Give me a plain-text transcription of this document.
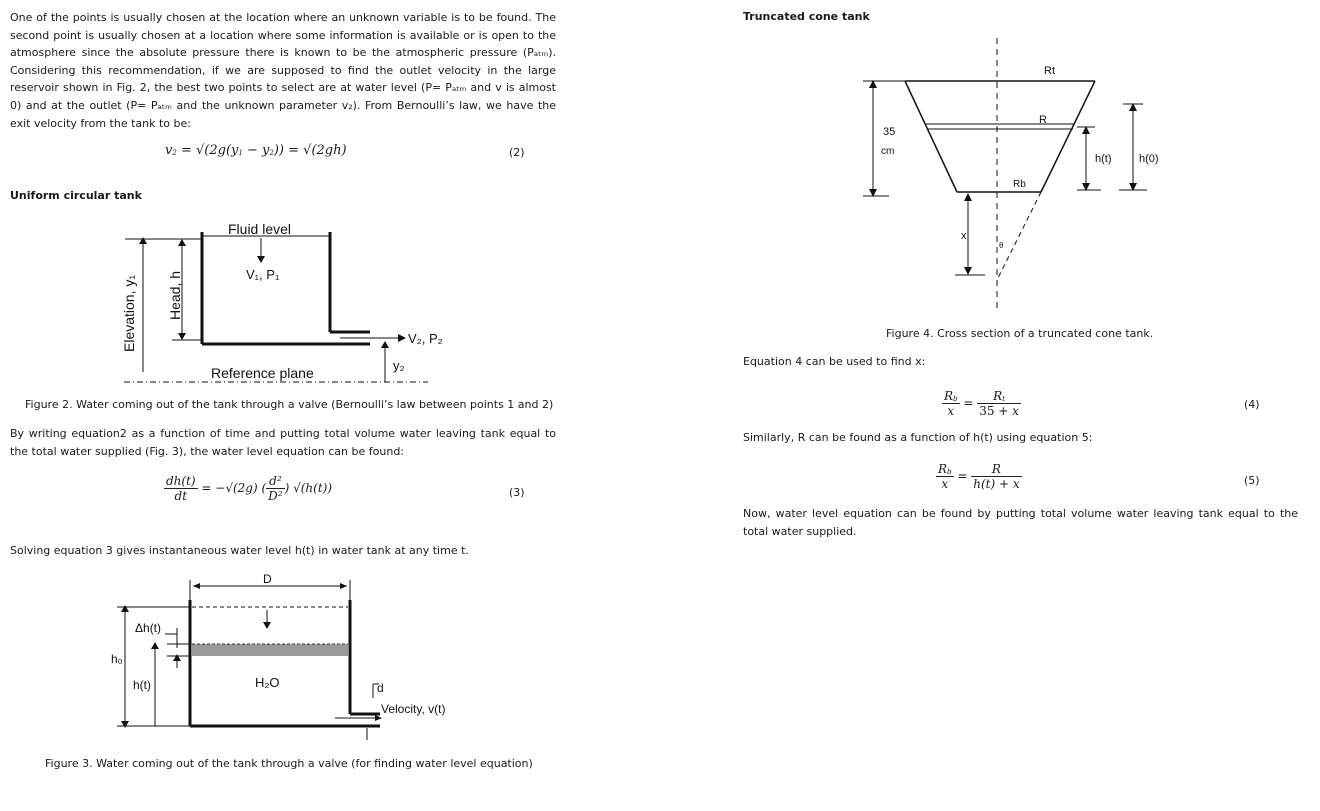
One of the points is usually chosen at the location where an unknown variable is to be found. The second point is usually chosen at a location where some information is available or is open to the atmosphere since the absolute pressure there is known to be the atmospheric pressure (Pₐₜₘ). Considering this recommendation, if we are supposed to find the outlet velocity in the large reservoir shown in Fig. 2, the best two points to select are at water level (P= Pₐₜₘ and v is almost 0) and at the outlet (P= Pₐₜₘ and the unknown parameter v₂). From Bernoulli’s law, we have the exit velocity from the tank to be:
$v_2 = √(2g(y_1 - y_2)) = √(2gh)$	(2)
Uniform circular tank
Fluid level
V₁, P₁
Elevation, y₁ Head, h
V₂, P₂
y₂
Reference plane
Figure 2. Water coming out of the tank through a valve (Bernoulli’s law between points 1 and 2)
By writing equation2 as a function of time and putting total volume water leaving tank equal to the total water supplied (Fig. 3), the water level equation can be found:
$\frac{dh(t)}{dt} = -√(2g)$ ( $\frac{\text{d²}}{\text{D²}}$ ) √(h(t))	(3)
Solving equation 3 gives instantaneous water level h(t) in water tank at any time t.
D
Δh(t)
h₀
h(t)	H₂O	d
Velocity, v(t)
Figure 3. Water coming out of the tank through a valve (for finding water level equation)
Truncated cone tank
Rt
R
Rb
35
cm
h(t)	h(0)
x
θ
Figure 4. Cross section of a truncated cone tank.
Equation 4 can be used to find x:
$\frac{R_b}{x} = \frac{R_t}{35 + x}$	(4)
Similarly, R can be found as a function of h(t) using equation 5:
$\frac{R_b}{x} = \frac{R}{h(t) + x}$	(5)
Now, water level equation can be found by putting total volume water leaving tank equal to the total water supplied.
